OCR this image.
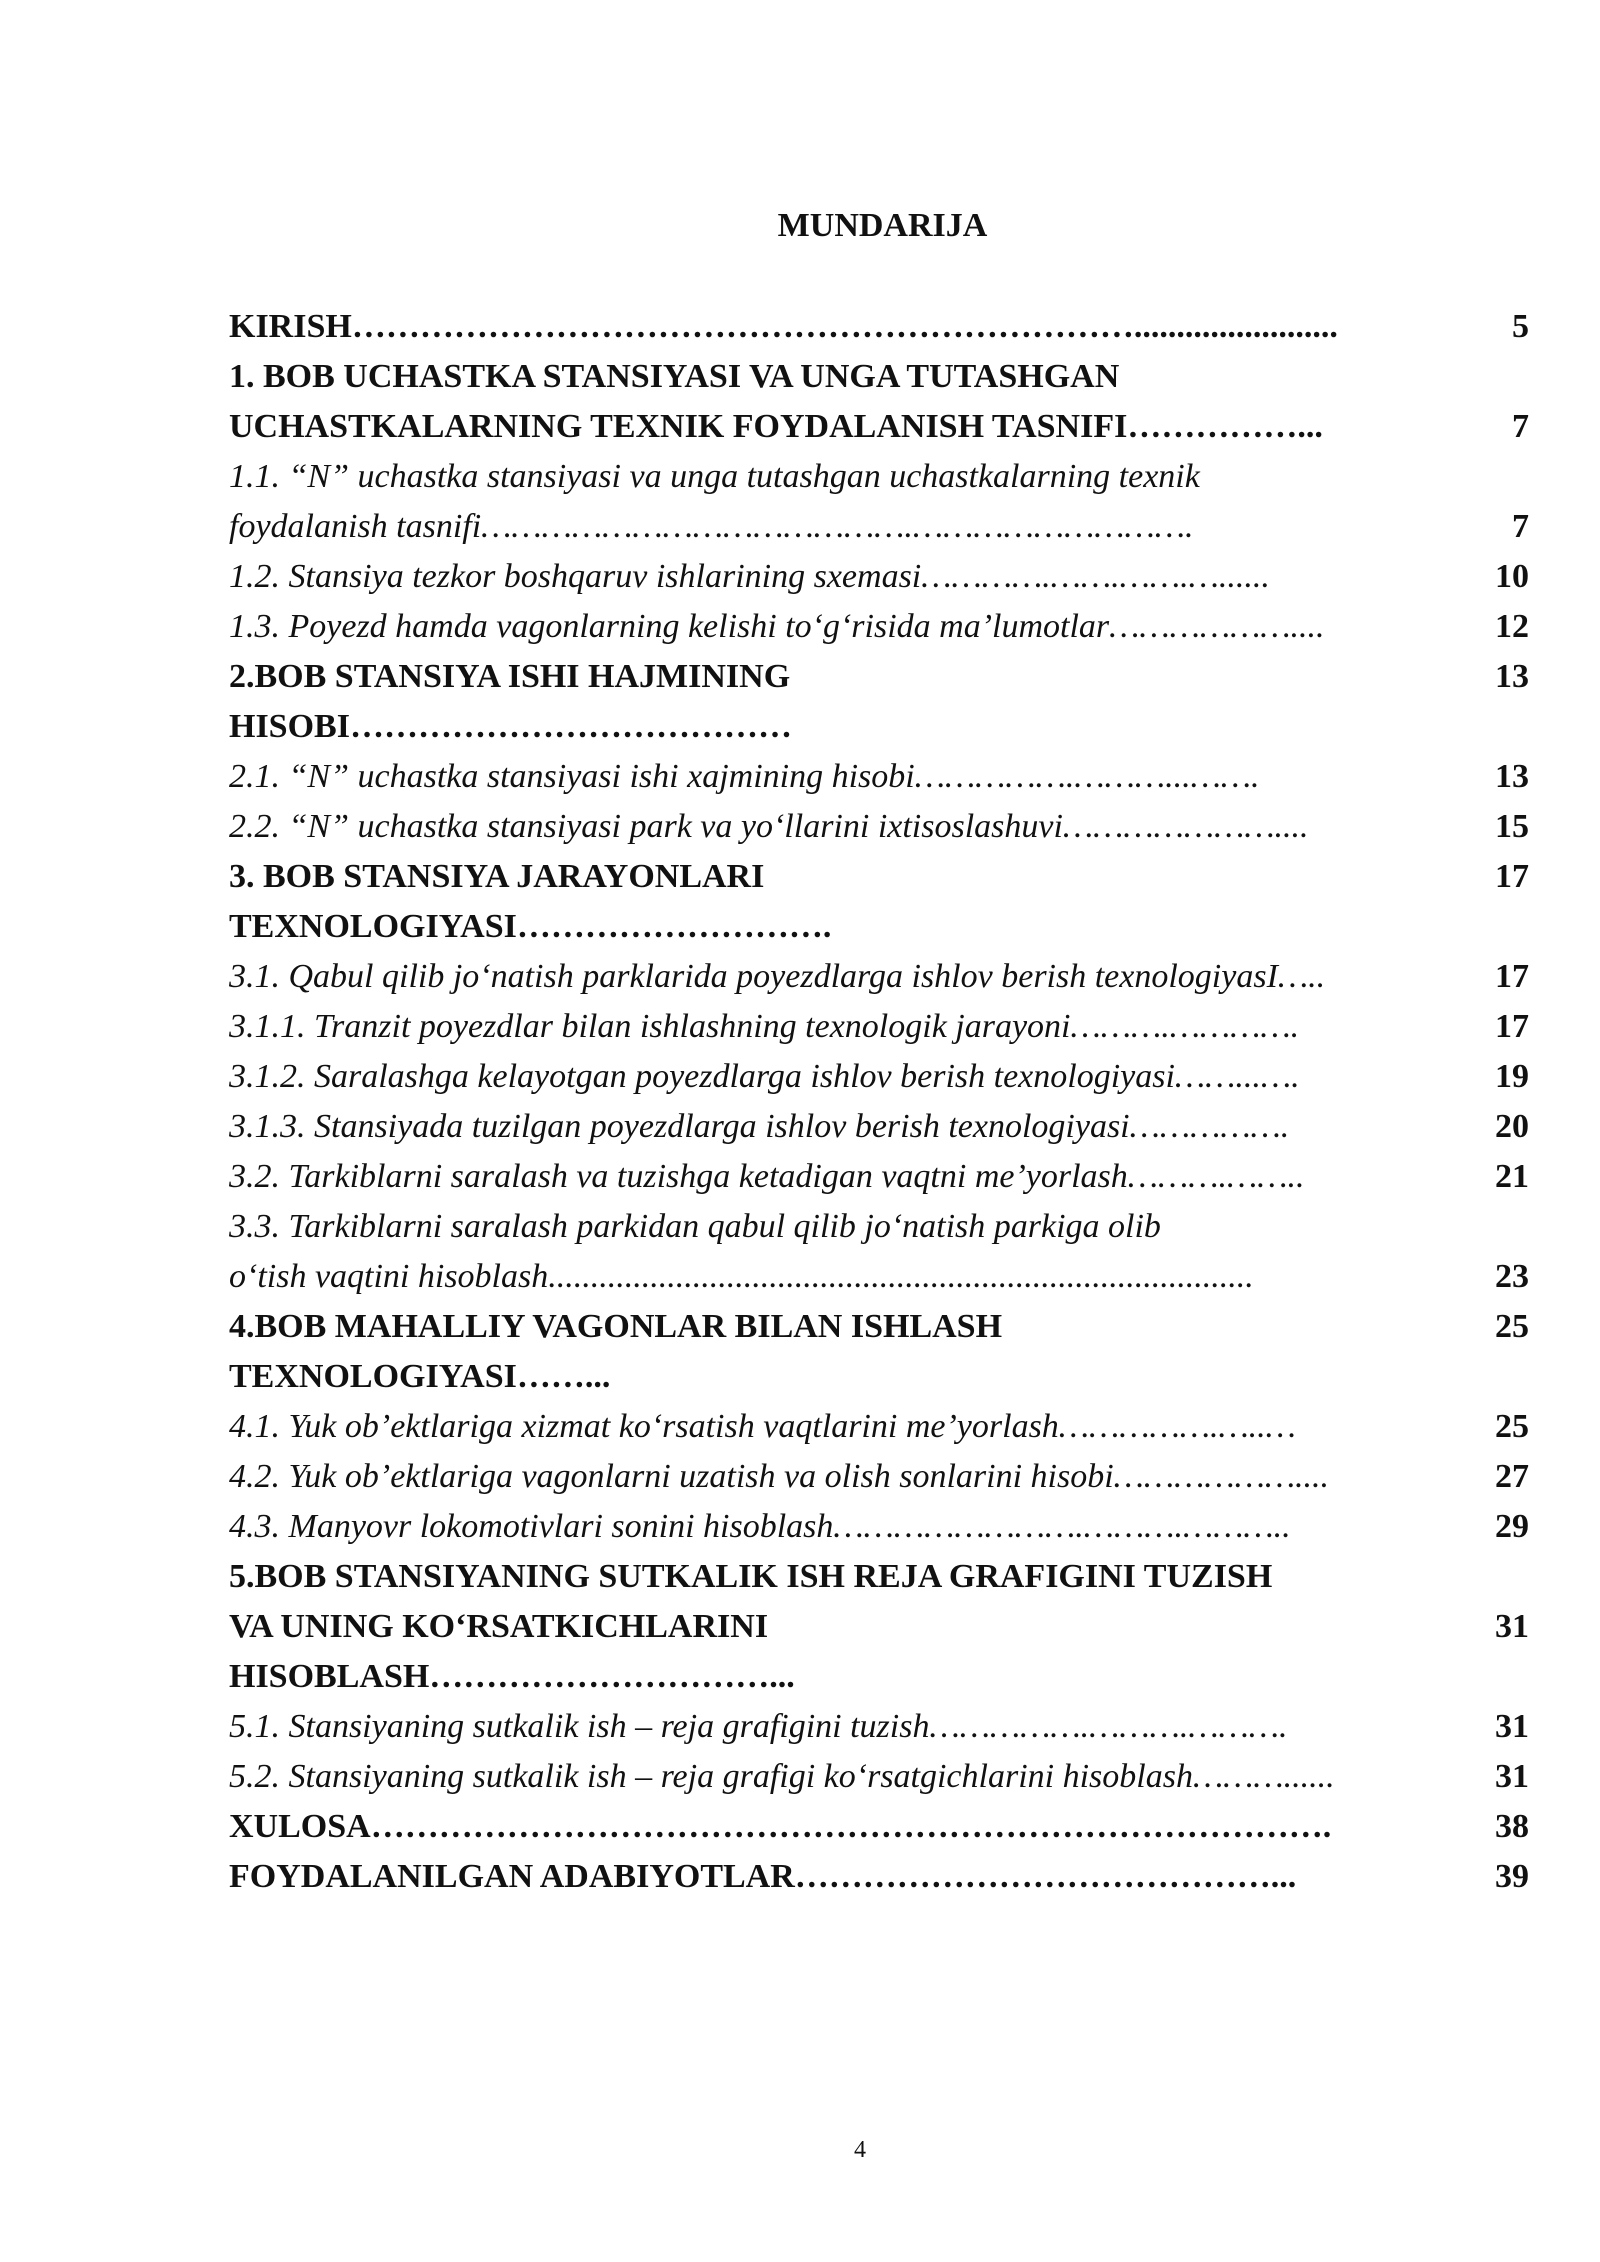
MUNDARIJA
KIRISH……………………………………………………………........................	5
1. BOB UCHASTKA STANSIYASI VA UNGA TUTASHGAN
UCHASTKALARNING TEXNIK FOYDALANISH TASNIFI……………...	7
1.1. “N” uchastka stansiyasi va unga tutashgan uchastkalarning texnik
foydalanish tasnifi…………………………………….……………………….	7
1.2. Stansiya tezkor boshqaruv ishlarining sxemasi………….…….…….…......	10
1.3. Poyezd hamda vagonlarning kelishi to‘g‘risida ma’lumotlar………………....	12
2.BOB STANSIYA ISHI HAJMINING	13
HISOBI…………………………………
2.1. “N” uchastka stansiyasi ishi xajmining hisobi…………….………...…….	13
2.2. “N” uchastka stansiyasi park va yo‘llarini ixtisoslashuvi…………………....	15
3. BOB STANSIYA JARAYONLARI	17
TEXNOLOGIYASI……………………….
3.1. Qabul qilib jo‘natish parklarida poyezdlarga ishlov berish texnologiyasI…..	17
3.1.1. Tranzit poyezdlar bilan ishlashning texnologik jarayoni……….………….	17
3.1.2. Saralashga kelayotgan poyezdlarga ishlov berish texnologiyasi……...….	19
3.1.3. Stansiyada tuzilgan poyezdlarga ishlov berish texnologiyasi…………….	20
3.2. Tarkiblarni saralash va tuzishga ketadigan vaqtni me’yorlash……….……..	21
3.3. Tarkiblarni saralash parkidan qabul qilib jo‘natish parkiga olib
o‘tish vaqtini hisoblash...................................................................................	23
4.BOB MAHALLIY VAGONLAR BILAN ISHLASH	25
TEXNOLOGIYASI……...
4.1. Yuk ob’ektlariga xizmat ko‘rsatish vaqtlarini me’yorlash…………….…..…	25
4.2. Yuk ob’ektlariga vagonlarni uzatish va olish sonlarini hisobi………………....	27
4.3. Manyovr lokomotivlari sonini hisoblash…………………….……….………..	29
5.BOB STANSIYANING SUTKALIK ISH REJA GRAFIGINI TUZISH
VA UNING KO‘RSATKICHLARINI	31
HISOBLASH…………………………...
5.1. Stansiyaning sutkalik ish – reja grafigini tuzish…………….……….……….	31
5.2. Stansiyaning sutkalik ish – reja grafigi ko‘rsatgichlarini hisoblash………......	31
XULOSA………………………………………………………………………….	38
FOYDALANILGAN ADABIYOTLAR……………………………………...	39
4
